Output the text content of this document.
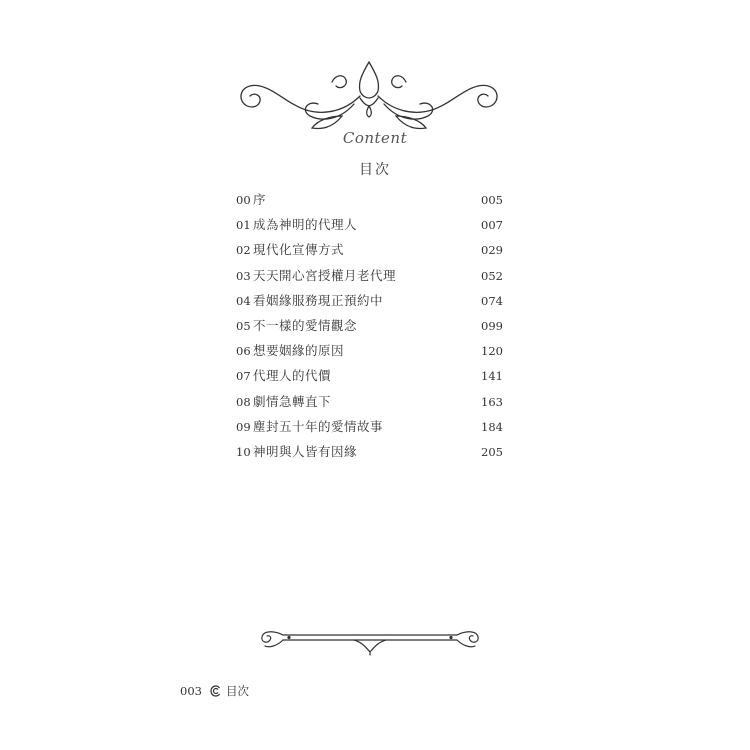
Content
目次
00 序	005
01 成為神明的代理人	007
02 現代化宣傳方式	029
03 天天開心宮授權月老代理	052
04 看姻緣服務現正預約中	074
05 不一樣的愛情觀念	099
06 想要姻緣的原因	120
07 代理人的代價	141
08 劇情急轉直下	163
09 塵封五十年的愛情故事	184
10 神明與人皆有因緣	205
003 目次
